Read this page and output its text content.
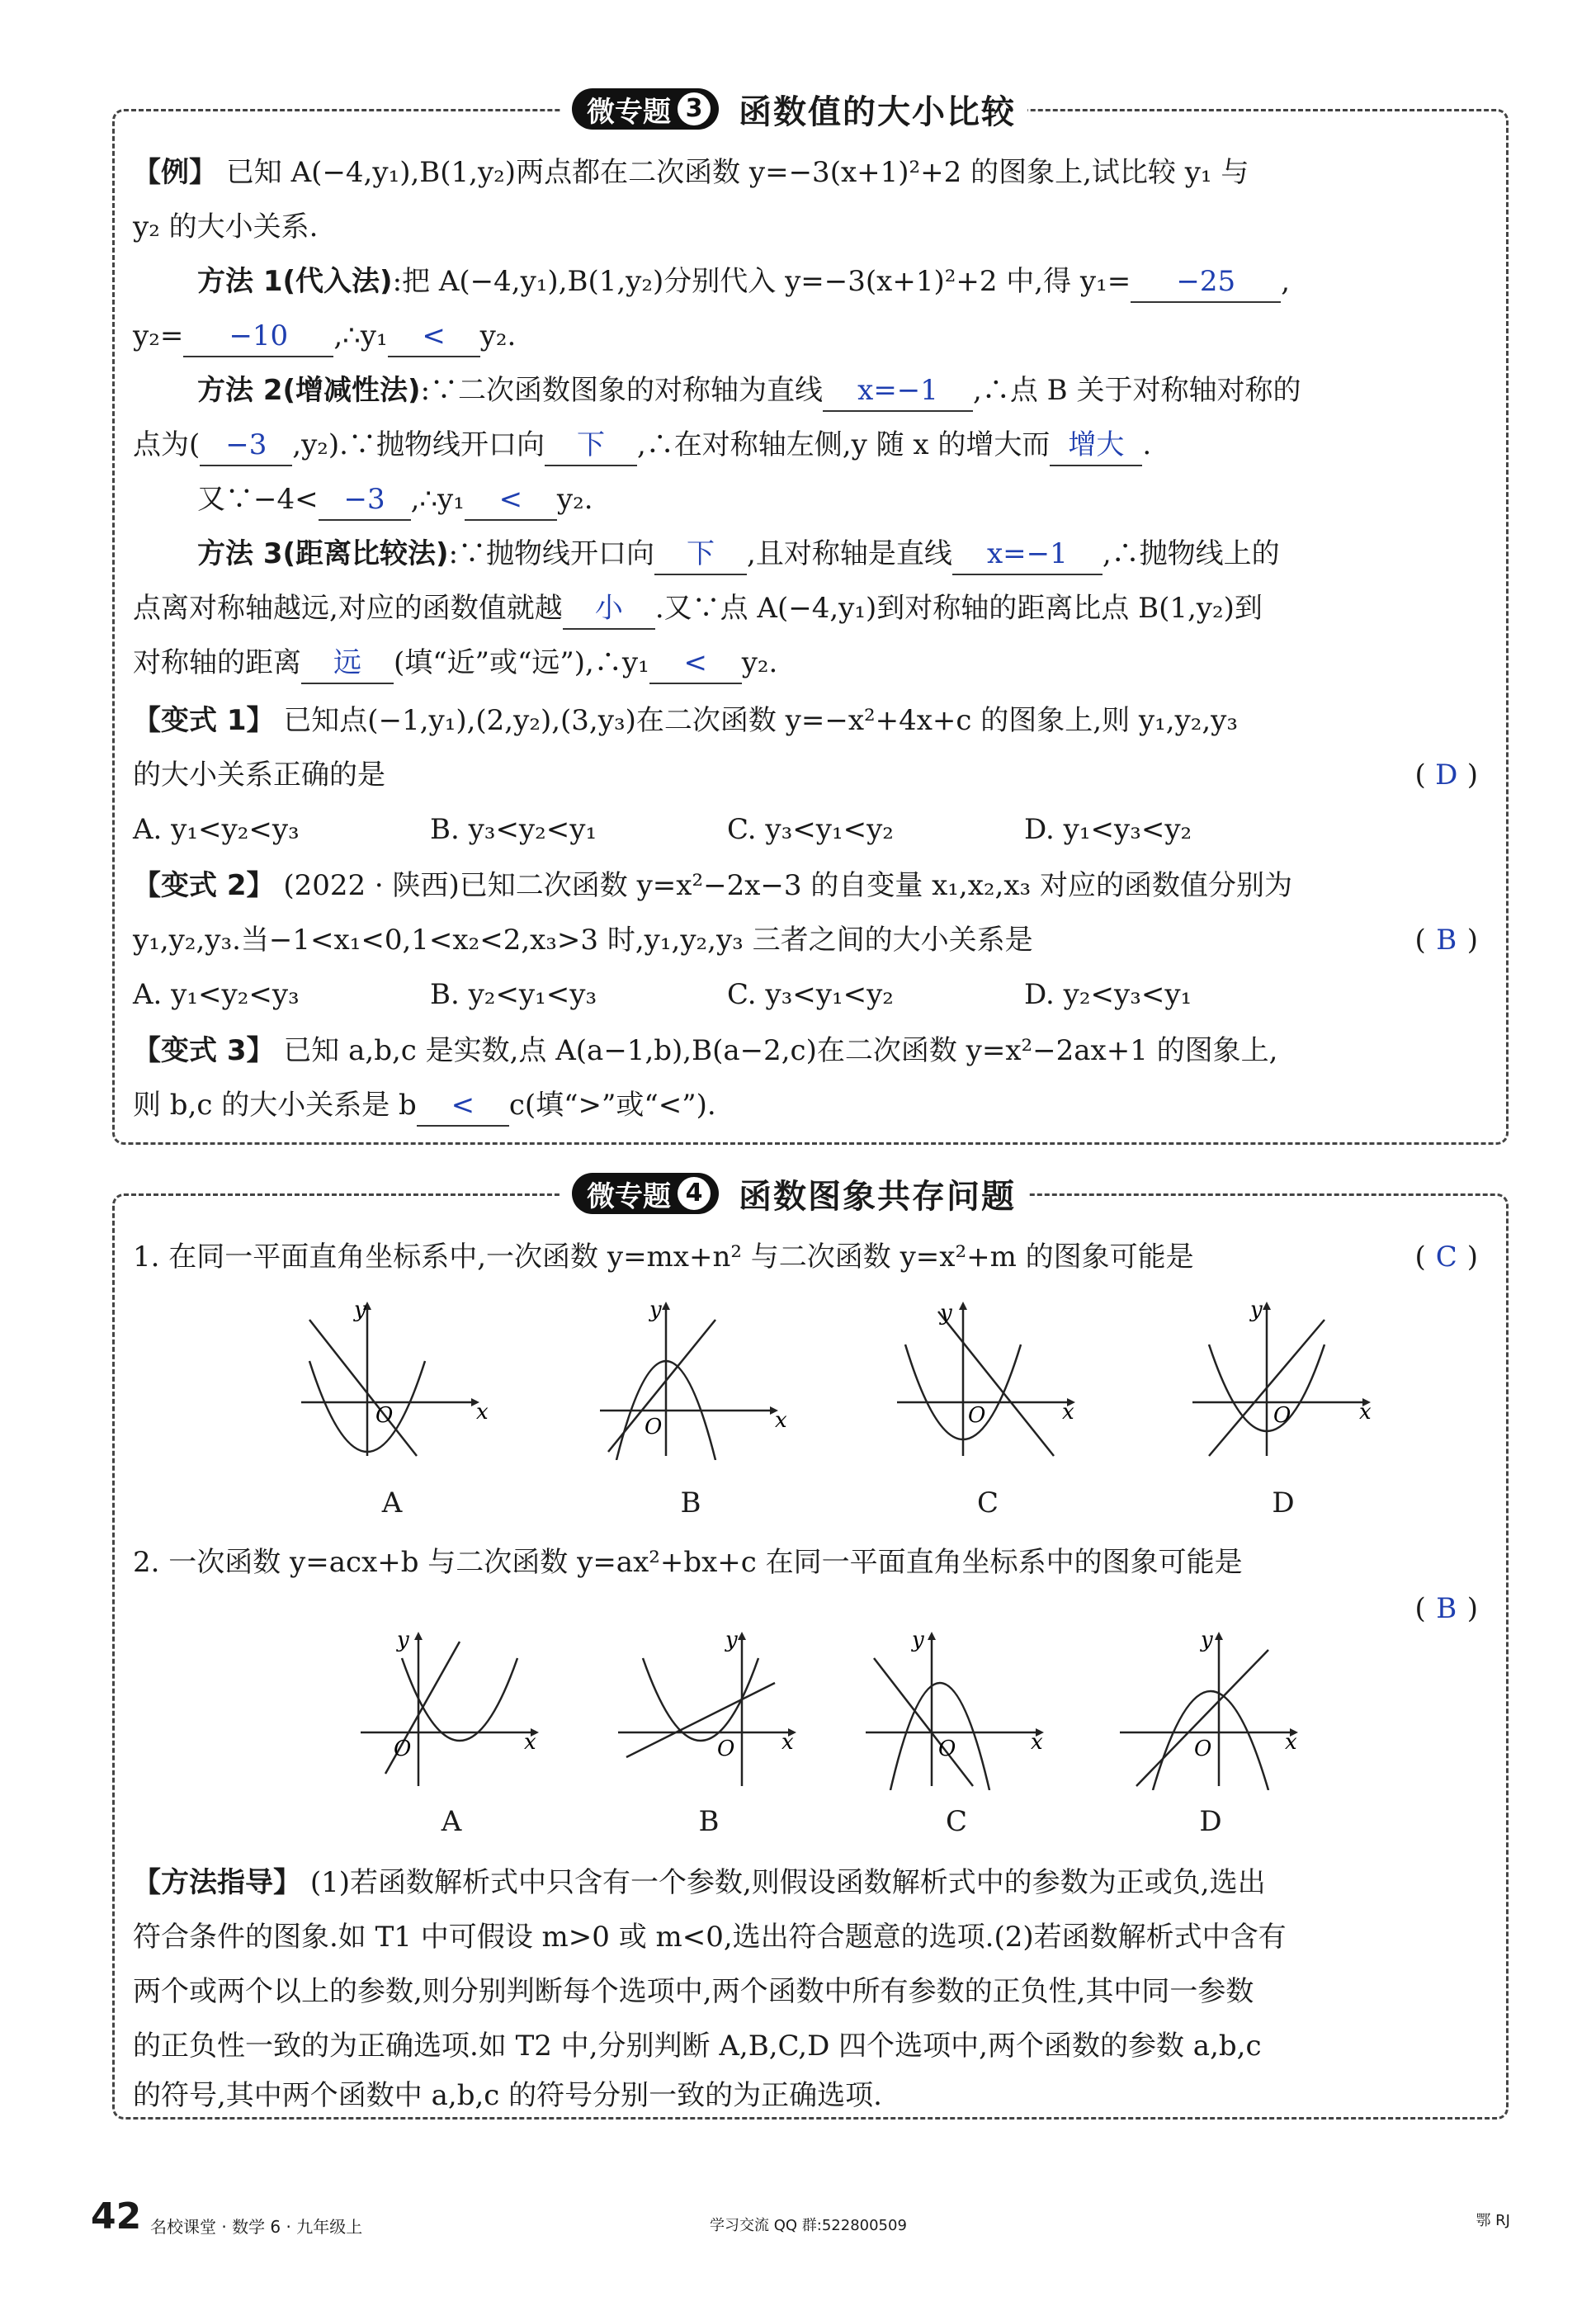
微专题 3 函数值的大小比较
【例】 已知 A(−4,y₁),B(1,y₂)两点都在二次函数 y=−3(x+1)²+2 的图象上,试比较 y₁ 与
y₂ 的大小关系.
方法 1(代入法):把 A(−4,y₁),B(1,y₂)分别代入 y=−3(x+1)²+2 中,得 y₁= −25 ,
y₂= −10 ,∴y₁ < y₂.
方法 2(增减性法):∵二次函数图象的对称轴为直线 x=−1 ,∴点 B 关于对称轴对称的
点为( −3 ,y₂).∵抛物线开口向 下 ,∴在对称轴左侧,y 随 x 的增大而 增大 .
又∵−4< −3 ,∴y₁ < y₂.
方法 3(距离比较法):∵抛物线开口向 下 ,且对称轴是直线 x=−1 ,∴抛物线上的
点离对称轴越远,对应的函数值就越 小 .又∵点 A(−4,y₁)到对称轴的距离比点 B(1,y₂)到
对称轴的距离 远 (填“近”或“远”),∴y₁ < y₂.
【变式 1】 已知点(−1,y₁),(2,y₂),(3,y₃)在二次函数 y=−x²+4x+c 的图象上,则 y₁,y₂,y₃
的大小关系正确的是	( D )
A. y₁<y₂<y₃	B. y₃<y₂<y₁	C. y₃<y₁<y₂	D. y₁<y₃<y₂
【变式 2】 (2022 · 陕西)已知二次函数 y=x²−2x−3 的自变量 x₁,x₂,x₃ 对应的函数值分别为
y₁,y₂,y₃.当−1<x₁<0,1<x₂<2,x₃>3 时,y₁,y₂,y₃ 三者之间的大小关系是	( B )
A. y₁<y₂<y₃	B. y₂<y₁<y₃	C. y₃<y₁<y₂	D. y₂<y₃<y₁
【变式 3】 已知 a,b,c 是实数,点 A(a−1,b),B(a−2,c)在二次函数 y=x²−2ax+1 的图象上,
则 b,c 的大小关系是 b < c(填“>”或“<”).
微专题 4 函数图象共存问题
1. 在同一平面直角坐标系中,一次函数 y=mx+n² 与二次函数 y=x²+m 的图象可能是	( C )
y
x
O
y
x
O
y
x
O
y
x
O
A	B	C	D
2. 一次函数 y=acx+b 与二次函数 y=ax²+bx+c 在同一平面直角坐标系中的图象可能是
( B )
y
x
O
y
x
O
y
x
O
y
x
O
A	B	C	D
【方法指导】 (1)若函数解析式中只含有一个参数,则假设函数解析式中的参数为正或负,选出
符合条件的图象.如 T1 中可假设 m>0 或 m<0,选出符合题意的选项.(2)若函数解析式中含有
两个或两个以上的参数,则分别判断每个选项中,两个函数中所有参数的正负性,其中同一参数
的正负性一致的为正确选项.如 T2 中,分别判断 A,B,C,D 四个选项中,两个函数的参数 a,b,c
的符号,其中两个函数中 a,b,c 的符号分别一致的为正确选项.
42 名校课堂 · 数学 6 · 九年级上	学习交流 QQ 群:522800509	鄂 RJ
